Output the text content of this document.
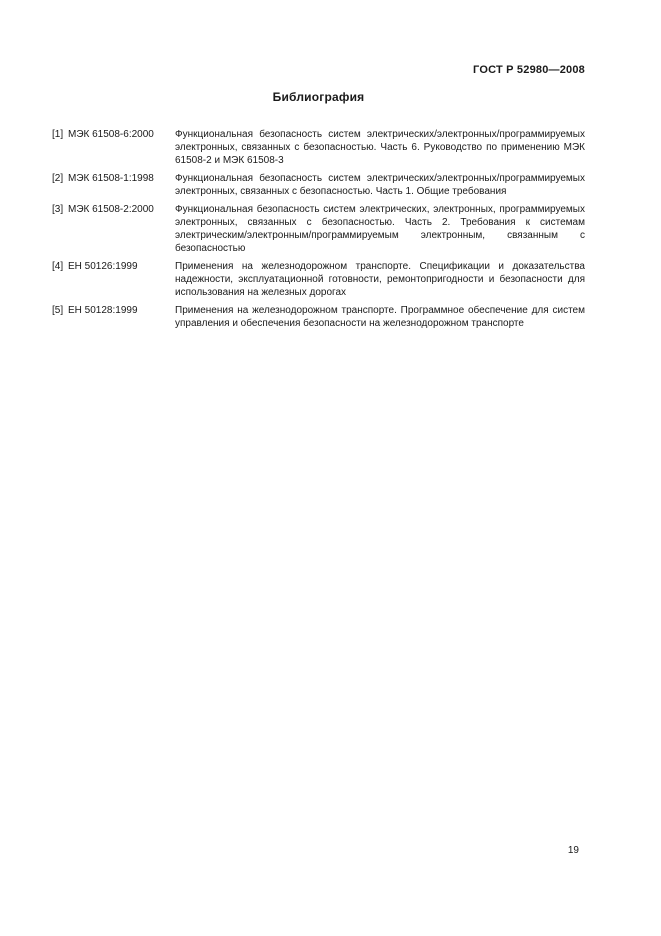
ГОСТ Р 52980—2008
Библиография
[1] МЭК 61508-6:2000 Функциональная безопасность систем электрических/электронных/программируемых электронных, связанных с безопасностью. Часть 6. Руководство по применению МЭК 61508-2 и МЭК 61508-3
[2] МЭК 61508-1:1998 Функциональная безопасность систем электрических/электронных/программируемых электронных, связанных с безопасностью. Часть 1. Общие требования
[3] МЭК 61508-2:2000 Функциональная безопасность систем электрических, электронных, программируемых электронных, связанных с безопасностью. Часть 2. Требования к системам электрическим/электронным/программируемым электронным, связанным с безопасностью
[4] ЕН 50126:1999	Применения на железнодорожном транспорте. Спецификации и доказательства надежности, эксплуатационной готовности, ремонтопригодности и безопасности для использования на железных дорогах
[5] ЕН 50128:1999	Применения на железнодорожном транспорте. Программное обеспечение для систем управления и обеспечения безопасности на железнодорожном транспорте
19
